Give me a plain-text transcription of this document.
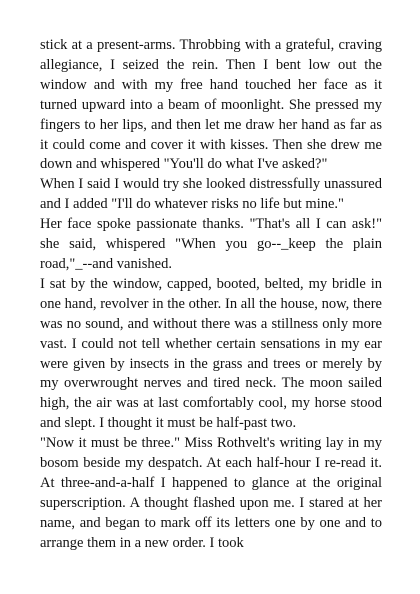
stick at a present-arms. Throbbing with a grateful, craving allegiance, I seized the rein. Then I bent low out the window and with my free hand touched her face as it turned upward into a beam of moonlight. She pressed my fingers to her lips, and then let me draw her hand as far as it could come and cover it with kisses. Then she drew me down and whispered "You'll do what I've asked?"

When I said I would try she looked distressfully unassured and I added "I'll do whatever risks no life but mine."

Her face spoke passionate thanks. "That's all I can ask!" she said, whispered "When you go--_keep the plain road,"_--and vanished.

I sat by the window, capped, booted, belted, my bridle in one hand, revolver in the other. In all the house, now, there was no sound, and without there was a stillness only more vast. I could not tell whether certain sensations in my ear were given by insects in the grass and trees or merely by my overwrought nerves and tired neck. The moon sailed high, the air was at last comfortably cool, my horse stood and slept. I thought it must be half-past two.

"Now it must be three." Miss Rothvelt's writing lay in my bosom beside my despatch. At each half-hour I re-read it. At three-and-a-half I happened to glance at the original superscription. A thought flashed upon me. I stared at her name, and began to mark off its letters one by one and to arrange them in a new order. I took
